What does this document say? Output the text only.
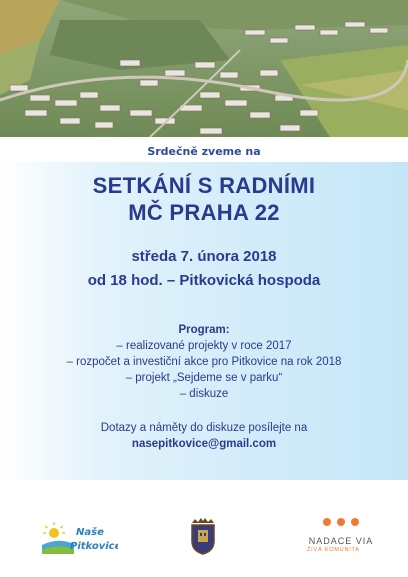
Srdečně zveme na
SETKÁNÍ S RADNÍMI
MČ PRAHA 22
středa 7. února 2018
od 18 hod. – Pitkovická hospoda
Program:
– realizované projekty v roce 2017
– rozpočet a investiční akce pro Pitkovice na rok 2018
– projekt „Sejdeme se v parku“
– diskuze
Dotazy a náměty do diskuze posílejte na
nasepitkovice@gmail.com
Naše
Pitkovice	NADACE VIA
ŽIVÁ KOMUNITA
